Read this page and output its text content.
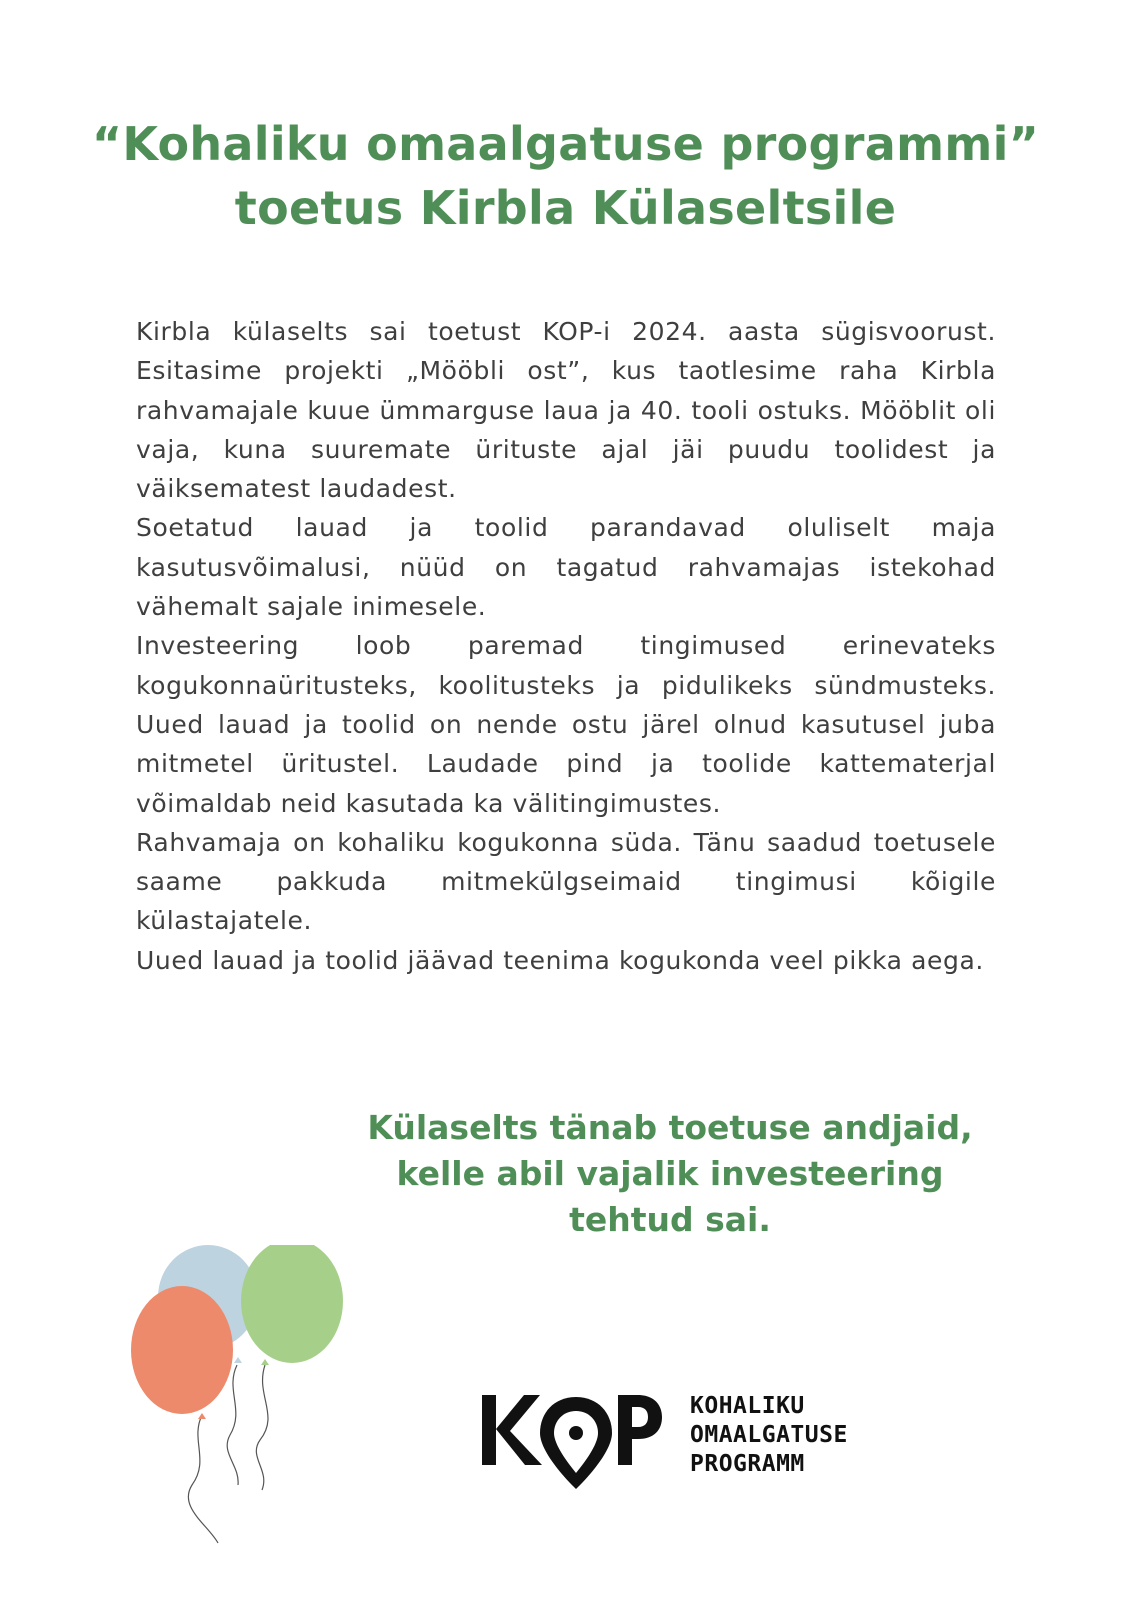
“Kohaliku omaalgatuse programmi”
toetus Kirbla Külaseltsile

Kirbla külaselts sai toetust KOP-i 2024. aasta sügisvoorust. Esitasime projekti „Mööbli ost”, kus taotlesime raha Kirbla rahvamajale kuue ümmarguse laua ja 40. tooli ostuks. Mööblit oli vaja, kuna suuremate ürituste ajal jäi puudu toolidest ja väiksematest laudadest.

Soetatud lauad ja toolid parandavad oluliselt maja kasutusvõimalusi, nüüd on tagatud rahvamajas istekohad vähemalt sajale inimesele.

Investeering loob paremad tingimused erinevateks kogukonnaüritusteks, koolitusteks ja pidulikeks sündmusteks. Uued lauad ja toolid on nende ostu järel olnud kasutusel juba mitmetel üritustel. Laudade pind ja toolide kattematerjal võimaldab neid kasutada ka välitingimustes.

Rahvamaja on kohaliku kogukonna süda. Tänu saadud toetusele saame pakkuda mitmekülgseimaid tingimusi kõigile külastajatele.

Uued lauad ja toolid jäävad teenima kogukonda veel pikka aega.

Külaselts tänab toetuse andjaid,
kelle abil vajalik investeering
tehtud sai.
KOHALIKU
OMAALGATUSE
PROGRAMM
